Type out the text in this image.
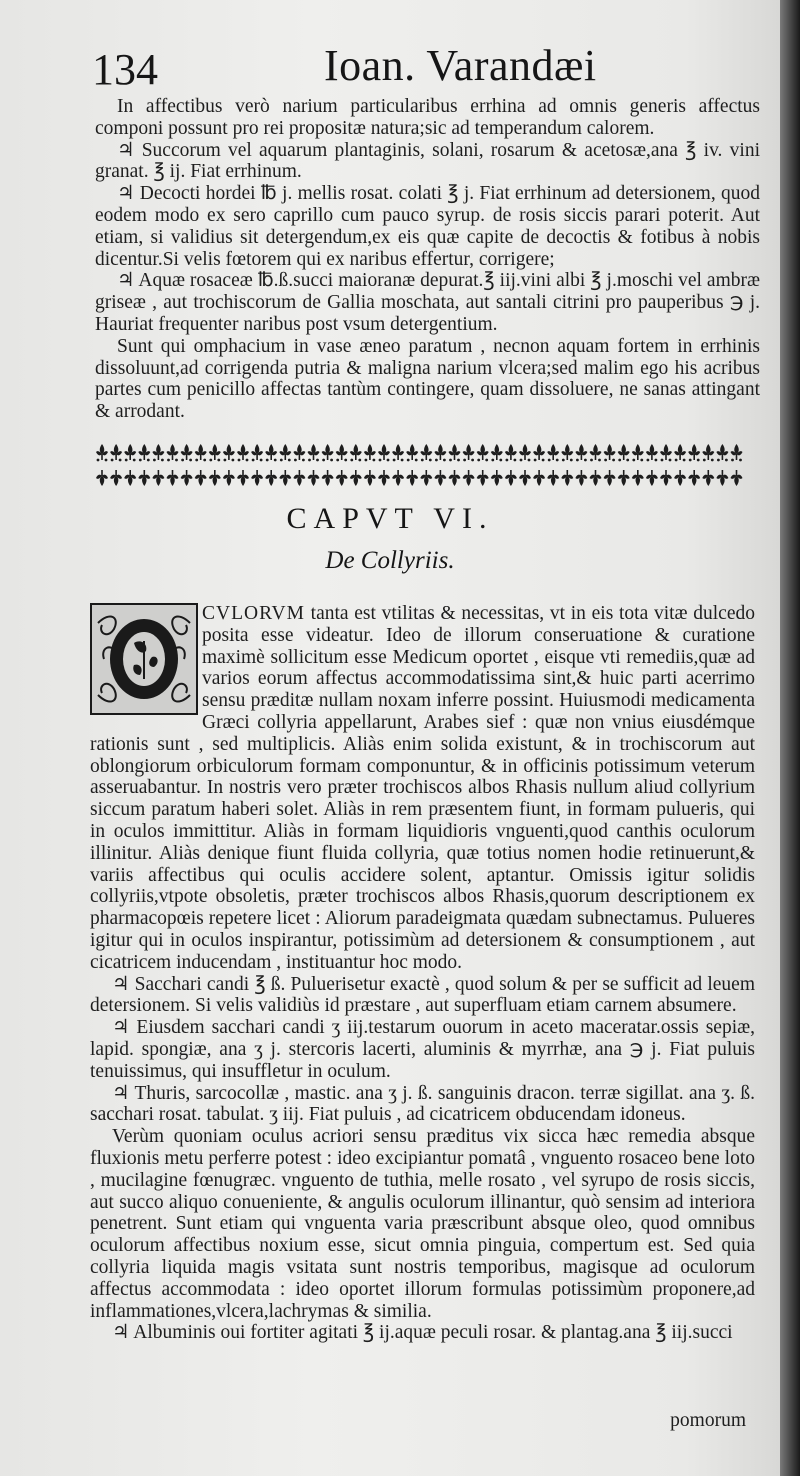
134	Ioan. Varandæi

In affectibus verò narium particularibus errhina ad omnis generis affectus componi possunt pro rei propositæ natura;sic ad temperandum calorem.

♃ Succorum vel aquarum plantaginis, solani, rosarum & acetosæ,ana ℥ iv. vini granat. ℥ ij. Fiat errhinum.

♃ Decocti hordei ℔ j. mellis rosat. colati ℥ j. Fiat errhinum ad detersionem, quod eodem modo ex sero caprillo cum pauco syrup. de rosis siccis parari poterit. Aut etiam, si validius sit detergendum,ex eis quæ capite de decoctis & fotibus à nobis dicentur.Si velis fœtorem qui ex naribus effertur, corrigere;

♃ Aquæ rosaceæ ℔.ß.succi maioranæ depurat.℥ iij.vini albi ℥ j.moschi vel ambræ griseæ , aut trochiscorum de Gallia moschata, aut santali citrini pro pauperibus ℈ j. Hauriat frequenter naribus post vsum detergentium.

Sunt qui omphacium in vase æneo paratum , necnon aquam fortem in errhinis dissoluunt,ad corrigenda putria & maligna narium vlcera;sed malim ego his acribus partes cum penicillo affectas tantùm contingere, quam dissoluere, ne sanas attingant & arrodant.

CAPVT VI.
De Collyriis.

CVLORVM tanta est vtilitas & necessitas, vt in eis tota vitæ dulcedo posita esse videatur. Ideo de illorum conseruatione & curatione maximè sollicitum esse Medicum oportet , eisque vti remediis,quæ ad varios eorum affectus accommodatissima sint,& huic parti acerrimo sensu præditæ nullam noxam inferre possint. Huiusmodi medicamenta Græci collyria appellarunt, Arabes sief : quæ non vnius eiusdémque rationis sunt , sed multiplicis. Aliàs enim solida existunt, & in trochiscorum aut oblongiorum orbiculorum formam componuntur, & in officinis potissimum veterum asseruabantur. In nostris vero præter trochiscos albos Rhasis nullum aliud collyrium siccum paratum haberi solet. Aliàs in rem præsentem fiunt, in formam pulueris, qui in oculos immittitur. Aliàs in formam liquidioris vnguenti,quod canthis oculorum illinitur. Aliàs denique fiunt fluida collyria, quæ totius nomen hodie retinuerunt,& variis affectibus qui oculis accidere solent, aptantur. Omissis igitur solidis collyriis,vtpote obsoletis, præter trochiscos albos Rhasis,quorum descriptionem ex pharmacopœis repetere licet : Aliorum paradeigmata quædam subnectamus. Pulueres igitur qui in oculos inspirantur, potissimùm ad detersionem & consumptionem , aut cicatricem inducendam , instituantur hoc modo.

♃ Sacchari candi ℥ ß. Puluerisetur exactè , quod solum & per se sufficit ad leuem detersionem. Si velis validiùs id præstare , aut superfluam etiam carnem absumere.

♃ Eiusdem sacchari candi ʒ iij.testarum ouorum in aceto maceratar.ossis sepiæ, lapid. spongiæ, ana ʒ j. stercoris lacerti, aluminis & myrrhæ, ana ℈ j. Fiat puluis tenuissimus, qui insuffletur in oculum.

♃ Thuris, sarcocollæ , mastic. ana ʒ j. ß. sanguinis dracon. terræ sigillat. ana ʒ. ß. sacchari rosat. tabulat. ʒ iij. Fiat puluis , ad cicatricem obducendam idoneus.

Verùm quoniam oculus acriori sensu præditus vix sicca hæc remedia absque fluxionis metu perferre potest : ideo excipiantur pomatâ , vnguento rosaceo bene loto , mucilagine fœnugræc. vnguento de tuthia, melle rosato , vel syrupo de rosis siccis, aut succo aliquo conueniente, & angulis oculorum illinantur, quò sensim ad interiora penetrent. Sunt etiam qui vnguenta varia præscribunt absque oleo, quod omnibus oculorum affectibus noxium esse, sicut omnia pinguia, compertum est. Sed quia collyria liquida magis vsitata sunt nostris temporibus, magisque ad oculorum affectus accommodata : ideo oportet illorum formulas potissimùm proponere,ad inflammationes,vlcera,lachrymas & similia.

♃ Albuminis oui fortiter agitati ℥ ij.aquæ peculi rosar. & plantag.ana ℥ iij.succi

pomorum
